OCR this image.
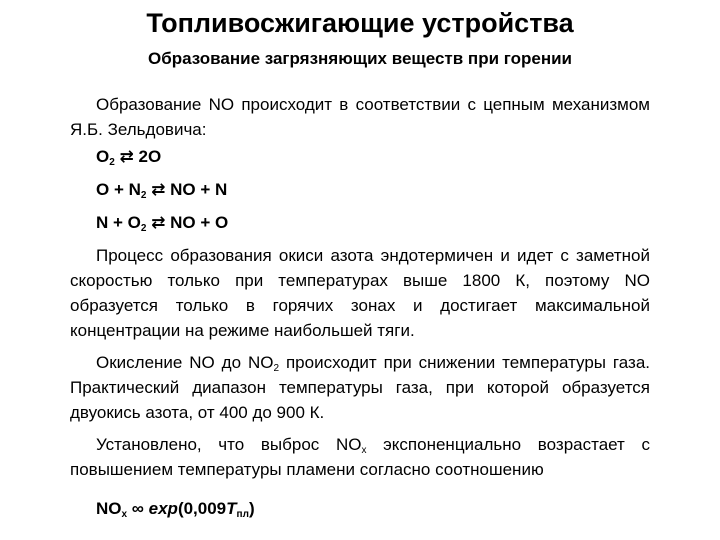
Топливосжигающие устройства
Образование загрязняющих веществ при горении

Образование NO происходит в соответствии с цепным механизмом Я.Б. Зельдовича:

$O_2$ ⇄ 2O
$O + N_2$ ⇄ NO + N
$N + O_2$ ⇄ NO + O

Процесс образования окиси азота эндотермичен и идет с заметной скоростью только при температурах выше 1800 К, поэтому NO образуется только в горячих зонах и достигает максимальной концентрации на режиме наибольшей тяги.

Окисление NO до $NO_2$ происходит при снижении температуры газа. Практический диапазон температуры газа, при которой образуется двуокись азота, от 400 до 900 К.

Установлено, что выброс $NO_x$ экспоненциально возрастает с повышением температуры пламени согласно соотношению

$NO_x$ ∞ $\exp(0,009T_{пл})$
